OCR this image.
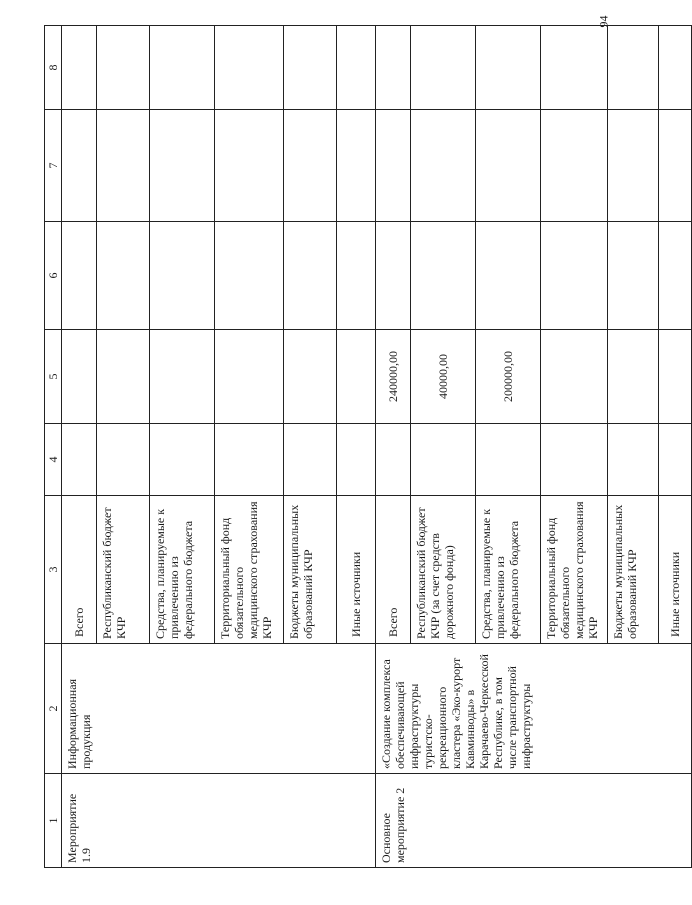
94
1	2	3	4	5	6	7	8
Мероприятие 1.9	Информационная продукция	Всего					
		Республиканский бюджет КЧР					
		Средства, планируемые к привлечению из федерального бюджета					
		Территориальный фонд обязательного медицинского страхования КЧР					
		Бюджеты муниципальных образований КЧР					
		Иные источники					
Основное мероприятие 2	«Создание комплекса обеспечивающей инфраструктуры туристско-рекреационного кластера «Эко-курорт Кавминводы» в Карачаево-Черкесской Республике, в том числе транспортной инфраструктуры	Всего		240000,00			
		Республиканский бюджет КЧР (за счет средств дорожного фонда)		40000,00			
		Средства, планируемые к привлечению из федерального бюджета		200000,00			
		Территориальный фонд обязательного медицинского страхования КЧР					
		Бюджеты муниципальных образований КЧР					
		Иные источники					
